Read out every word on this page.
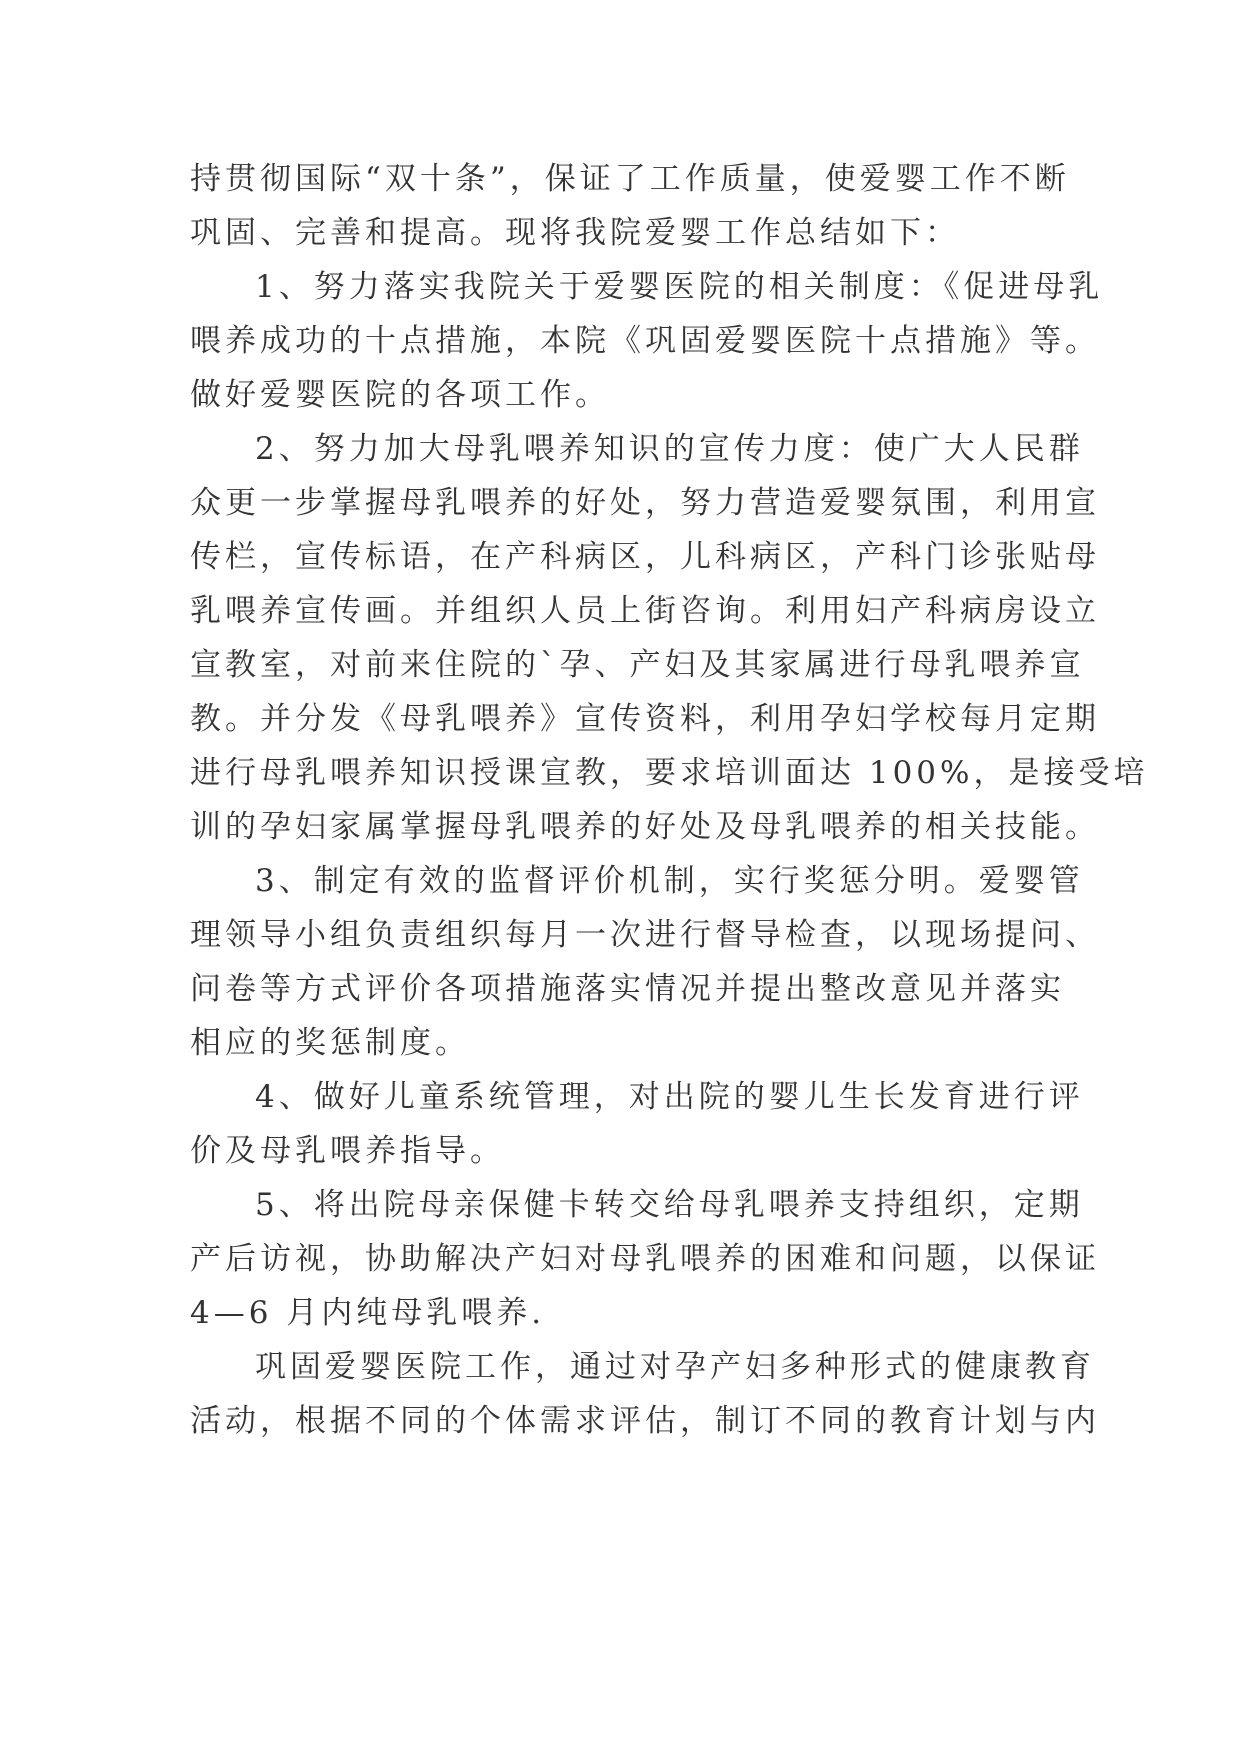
持贯彻国际“双十条”，保证了工作质量，使爱婴工作不断
巩固、完善和提高。现将我院爱婴工作总结如下：
1、努力落实我院关于爱婴医院的相关制度：《促进母乳
喂养成功的十点措施，本院《巩固爱婴医院十点措施》等。
做好爱婴医院的各项工作。
2、努力加大母乳喂养知识的宣传力度：使广大人民群
众更一步掌握母乳喂养的好处，努力营造爱婴氛围，利用宣
传栏，宣传标语，在产科病区，儿科病区，产科门诊张贴母
乳喂养宣传画。并组织人员上街咨询。利用妇产科病房设立
宣教室，对前来住院的`孕、产妇及其家属进行母乳喂养宣
教。并分发《母乳喂养》宣传资料，利用孕妇学校每月定期
进行母乳喂养知识授课宣教，要求培训面达 100%，是接受培
训的孕妇家属掌握母乳喂养的好处及母乳喂养的相关技能。
3、制定有效的监督评价机制，实行奖惩分明。爱婴管
理领导小组负责组织每月一次进行督导检查，以现场提问、
问卷等方式评价各项措施落实情况并提出整改意见并落实
相应的奖惩制度。
4、做好儿童系统管理，对出院的婴儿生长发育进行评
价及母乳喂养指导。
5、将出院母亲保健卡转交给母乳喂养支持组织，定期
产后访视，协助解决产妇对母乳喂养的困难和问题，以保证
4—6 月内纯母乳喂养.
巩固爱婴医院工作，通过对孕产妇多种形式的健康教育
活动，根据不同的个体需求评估，制订不同的教育计划与内
